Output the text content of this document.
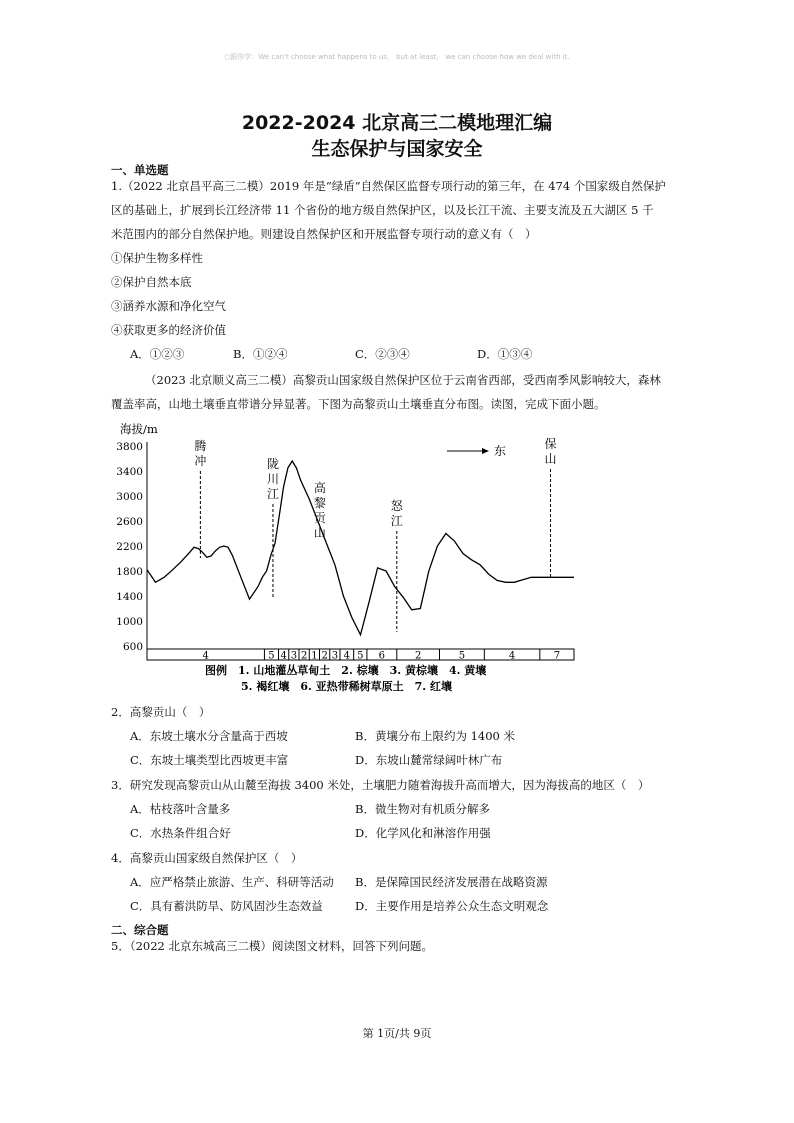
○跟你学：We can't choose what happens to us， but at least， we can choose how we deal with it.
2022-2024 北京高三二模地理汇编
生态保护与国家安全
一、单选题
1.（2022 北京昌平高三二模）2019 年是“绿盾”自然保区监督专项行动的第三年，在 474 个国家级自然保护
区的基础上，扩展到长江经济带 11 个省份的地方级自然保护区，以及长江干流、主要支流及五大湖区 5 千
米范围内的部分自然保护地。则建设自然保护区和开展监督专项行动的意义有（　）
①保护生物多样性
②保护自然本底
③涵养水源和净化空气
④获取更多的经济价值
A．①②③	B．①②④	C．②③④	D．①③④
（2023 北京顺义高三二模）高黎贡山国家级自然保护区位于云南省西部，受西南季风影响较大，森林
覆盖率高，山地土壤垂直带谱分异显著。下图为高黎贡山土壤垂直分布图。读图，完成下面小题。
海拔/m
3800
3400
3000
2600
2200
1800
1400
1000
600
腾
冲	陇
川
江	高
黎
贡
山
怒
江
保
山
东
4	5 4 3 2 1 2 3 4 5 6	2	5	4	7
图例　1. 山地灌丛草甸土　2. 棕壤　3. 黄棕壤　4. 黄壤
5. 褐红壤　6. 亚热带稀树草原土　7. 红壤
2．高黎贡山（　）
A．东坡土壤水分含量高于西坡	B．黄壤分布上限约为 1400 米
C．东坡土壤类型比西坡更丰富	D．东坡山麓常绿阔叶林广布
3．研究发现高黎贡山从山麓至海拔 3400 米处，土壤肥力随着海拔升高而增大，因为海拔高的地区（　）
A．枯枝落叶含量多	B．微生物对有机质分解多
C．水热条件组合好	D．化学风化和淋溶作用强
4．高黎贡山国家级自然保护区（　）
A．应严格禁止旅游、生产、科研等活动 B．是保障国民经济发展潜在战略资源
C．具有蓄洪防旱、防风固沙生态效益	D．主要作用是培养公众生态文明观念
二、综合题
5．（2022 北京东城高三二模）阅读图文材料，回答下列问题。
第 1页/共 9页
